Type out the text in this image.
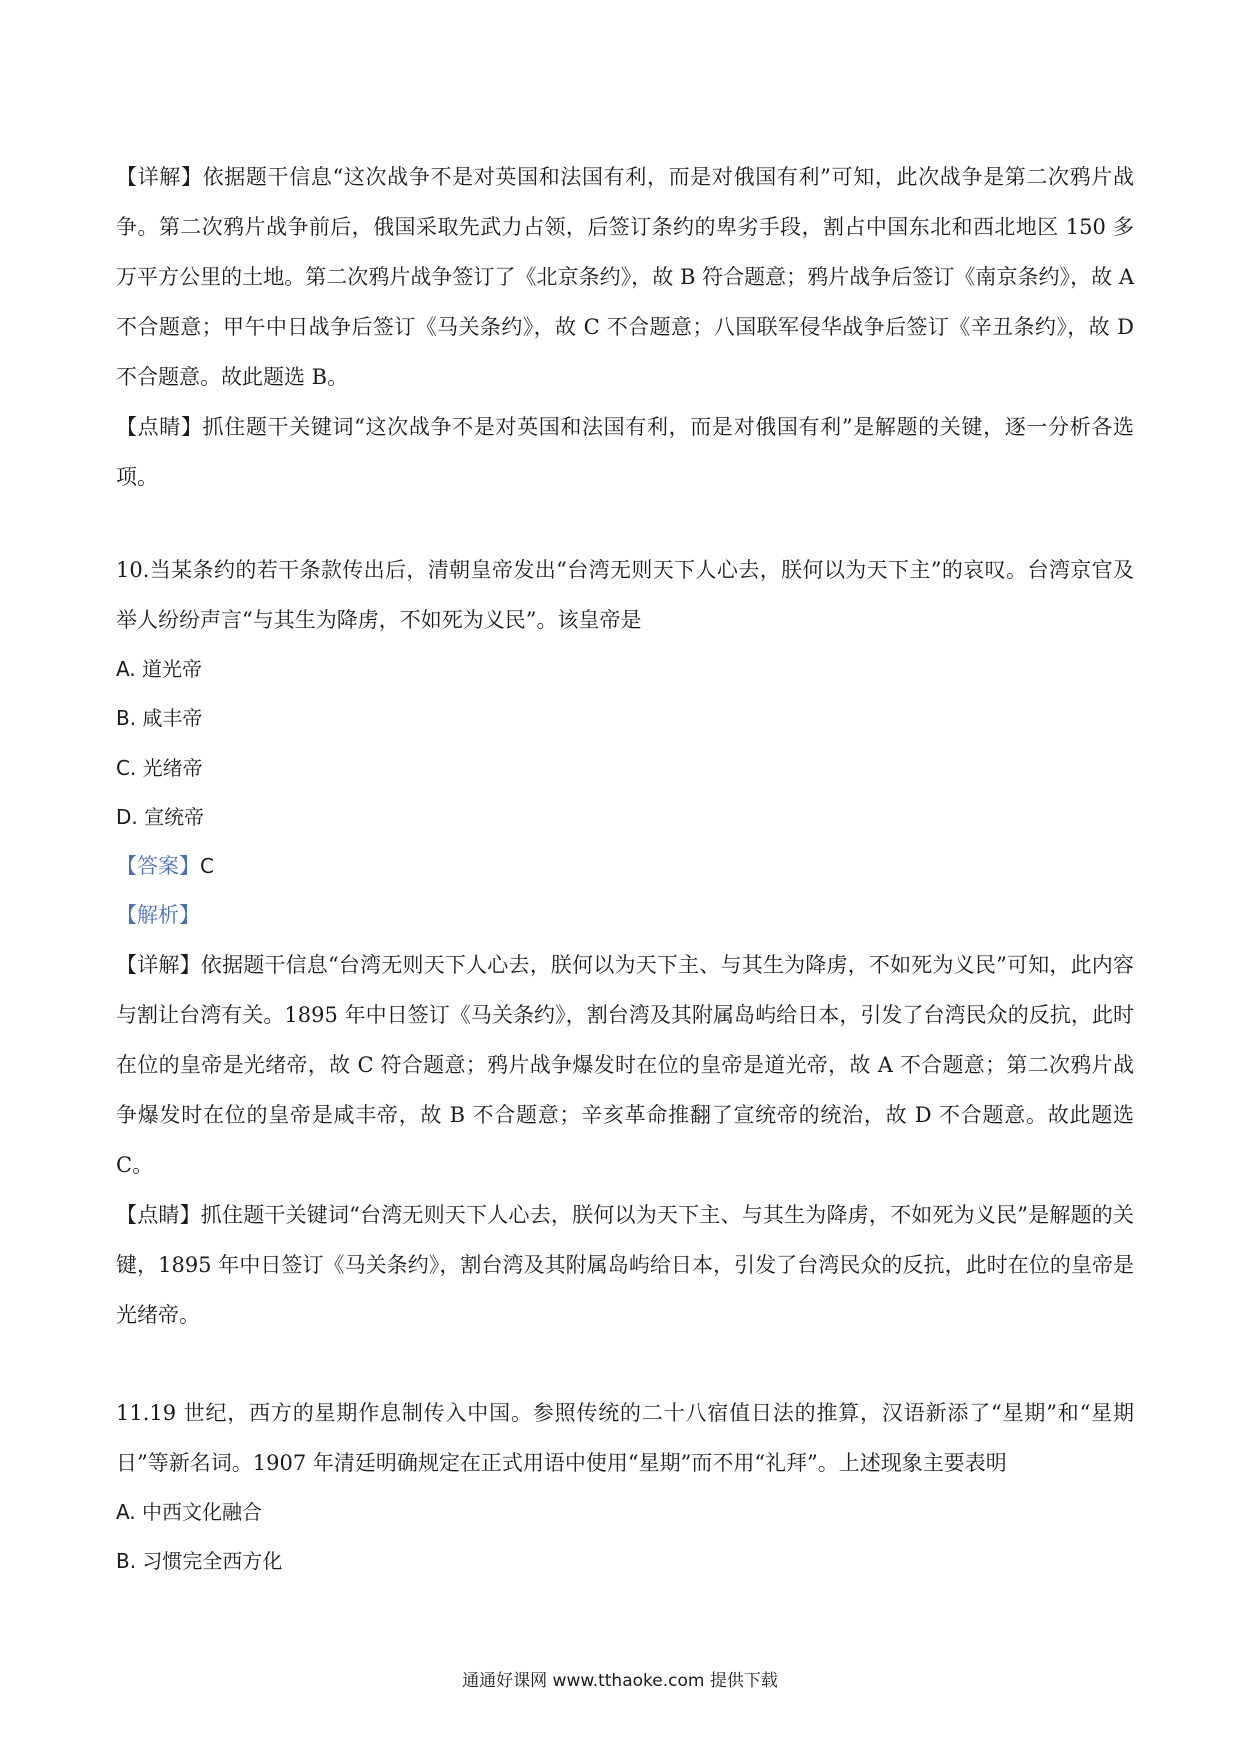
【详解】依据题干信息“这次战争不是对英国和法国有利，而是对俄国有利”可知，此次战争是第二次鸦片战争。第二次鸦片战争前后，俄国采取先武力占领，后签订条约的卑劣手段，割占中国东北和西北地区 150 多万平方公里的土地。第二次鸦片战争签订了《北京条约》，故 B 符合题意；鸦片战争后签订《南京条约》，故 A 不合题意；甲午中日战争后签订《马关条约》，故 C 不合题意；八国联军侵华战争后签订《辛丑条约》，故 D 不合题意。故此题选 B。

【点睛】抓住题干关键词“这次战争不是对英国和法国有利，而是对俄国有利”是解题的关键，逐一分析各选项。

10.当某条约的若干条款传出后，清朝皇帝发出“台湾无则天下人心去，朕何以为天下主”的哀叹。台湾京官及举人纷纷声言“与其生为降虏，不如死为义民”。该皇帝是

A. 道光帝
B. 咸丰帝
C. 光绪帝
D. 宣统帝
【答案】C
【解析】

【详解】依据题干信息“台湾无则天下人心去，朕何以为天下主、与其生为降虏，不如死为义民”可知，此内容与割让台湾有关。1895 年中日签订《马关条约》，割台湾及其附属岛屿给日本，引发了台湾民众的反抗，此时在位的皇帝是光绪帝，故 C 符合题意；鸦片战争爆发时在位的皇帝是道光帝，故 A 不合题意；第二次鸦片战争爆发时在位的皇帝是咸丰帝，故 B 不合题意；辛亥革命推翻了宣统帝的统治，故 D 不合题意。故此题选 C。

【点睛】抓住题干关键词“台湾无则天下人心去，朕何以为天下主、与其生为降虏，不如死为义民”是解题的关键，1895 年中日签订《马关条约》，割台湾及其附属岛屿给日本，引发了台湾民众的反抗，此时在位的皇帝是光绪帝。

11.19 世纪，西方的星期作息制传入中国。参照传统的二十八宿值日法的推算，汉语新添了“星期”和“星期日”等新名词。1907 年清廷明确规定在正式用语中使用“星期”而不用“礼拜”。上述现象主要表明

A. 中西文化融合
B. 习惯完全西方化
通通好课网 www.tthaoke.com 提供下载
